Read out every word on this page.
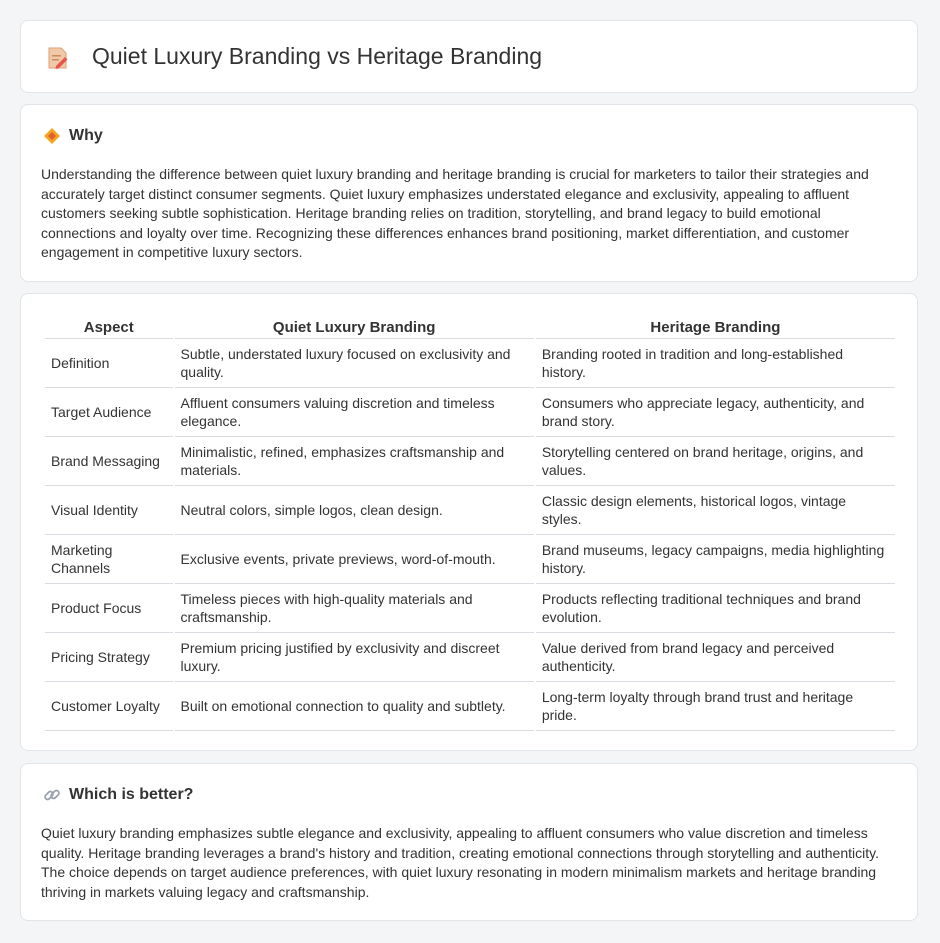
Quiet Luxury Branding vs Heritage Branding
Why

Understanding the difference between quiet luxury branding and heritage branding is crucial for marketers to tailor their strategies and accurately target distinct consumer segments. Quiet luxury emphasizes understated elegance and exclusivity, appealing to affluent customers seeking subtle sophistication. Heritage branding relies on tradition, storytelling, and brand legacy to build emotional connections and loyalty over time. Recognizing these differences enhances brand positioning, market differentiation, and customer engagement in competitive luxury sectors.

Aspect	Quiet Luxury Branding	Heritage Branding
Definition	Subtle, understated luxury focused on exclusivity and quality.	Branding rooted in tradition and long-established history.
Target Audience	Affluent consumers valuing discretion and timeless elegance.	Consumers who appreciate legacy, authenticity, and brand story.
Brand Messaging	Minimalistic, refined, emphasizes craftsmanship and materials.	Storytelling centered on brand heritage, origins, and values.
Visual Identity	Neutral colors, simple logos, clean design.	Classic design elements, historical logos, vintage styles.
Marketing Channels	Exclusive events, private previews, word-of-mouth.	Brand museums, legacy campaigns, media highlighting history.
Product Focus	Timeless pieces with high-quality materials and craftsmanship.	Products reflecting traditional techniques and brand evolution.
Pricing Strategy	Premium pricing justified by exclusivity and discreet luxury.	Value derived from brand legacy and perceived authenticity.
Customer Loyalty	Built on emotional connection to quality and subtlety.	Long-term loyalty through brand trust and heritage pride.
Which is better?

Quiet luxury branding emphasizes subtle elegance and exclusivity, appealing to affluent consumers who value discretion and timeless quality. Heritage branding leverages a brand's history and tradition, creating emotional connections through storytelling and authenticity. The choice depends on target audience preferences, with quiet luxury resonating in modern minimalism markets and heritage branding thriving in markets valuing legacy and craftsmanship.
